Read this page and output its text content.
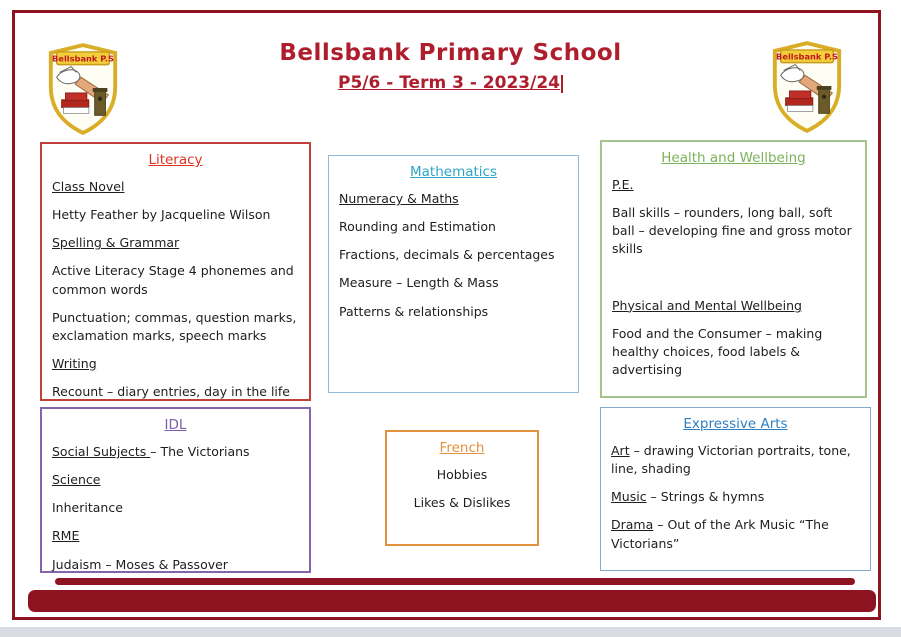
Bellsbank P.S	Bellsbank P.S
Bellsbank Primary School
P5/6 - Term 3 - 2023/24
Literacy

Class Novel

Hetty Feather by Jacqueline Wilson

Spelling & Grammar

Active Literacy Stage 4 phonemes and common words

Punctuation; commas, question marks, exclamation marks, speech marks

Writing

Recount – diary entries, day in the life

Mathematics

Numeracy & Maths

Rounding and Estimation

Fractions, decimals & percentages

Measure – Length & Mass

Patterns & relationships

Health and Wellbeing

P.E.

Ball skills – rounders, long ball, soft ball – developing fine and gross motor skills

Physical and Mental Wellbeing

Food and the Consumer – making healthy choices, food labels & advertising

IDL

Social Subjects – The Victorians

Science

Inheritance

RME

Judaism – Moses & Passover

French

Hobbies

Likes & Dislikes

Expressive Arts

Art – drawing Victorian portraits, tone, line, shading

Music – Strings & hymns

Drama – Out of the Ark Music “The Victorians”
